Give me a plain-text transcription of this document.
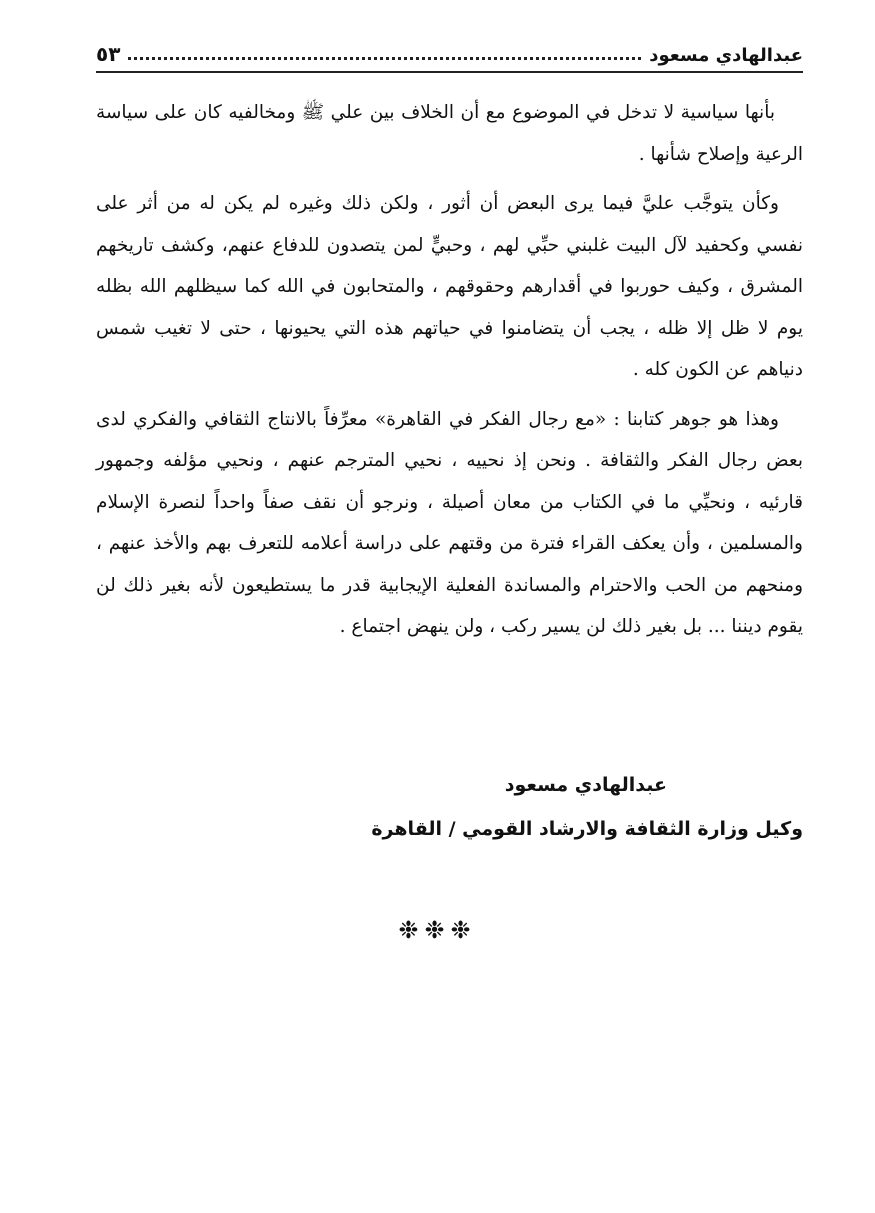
عبدالهادي مسعود
٥٣

بأنها سياسية لا تدخل في الموضوع مع أن الخلاف بين علي ﷺ ومخالفيه كان على سياسة الرعية وإصلاح شأنها .

وكأن يتوجَّب عليَّ فيما يرى البعض أن أثور ، ولكن ذلك وغيره لم يكن له من أثر على نفسي وكحفيد لآل البيت غلبني حبِّي لهم ، وحبيٍّ لمن يتصدون للدفاع عنهم، وكشف تاريخهم المشرق ، وكيف حوربوا في أقدارهم وحقوقهم ، والمتحابون في الله كما سيظلهم الله بظله يوم لا ظل إلا ظله ، يجب أن يتضامنوا في حياتهم هذه التي يحيونها ، حتى لا تغيب شمس دنياهم عن الكون كله .

وهذا هو جوهر كتابنا : «مع رجال الفكر في القاهرة» معرِّفاً بالانتاج الثقافي والفكري لدى بعض رجال الفكر والثقافة . ونحن إذ نحييه ، نحيي المترجم عنهم ، ونحيي مؤلفه وجمهور قارئيه ، ونحيِّي ما في الكتاب من معان أصيلة ، ونرجو أن نقف صفاً واحداً لنصرة الإسلام والمسلمين ، وأن يعكف القراء فترة من وقتهم على دراسة أعلامه للتعرف بهم والأخذ عنهم ، ومنحهم من الحب والاحترام والمساندة الفعلية الإيجابية قدر ما يستطيعون لأنه بغير ذلك لن يقوم ديننا ... بل بغير ذلك لن يسير ركب ، ولن ينهض اجتماع .

عبدالهادي مسعود
وكيل وزارة الثقافة والارشاد القومي / القاهرة
❉❉❉
